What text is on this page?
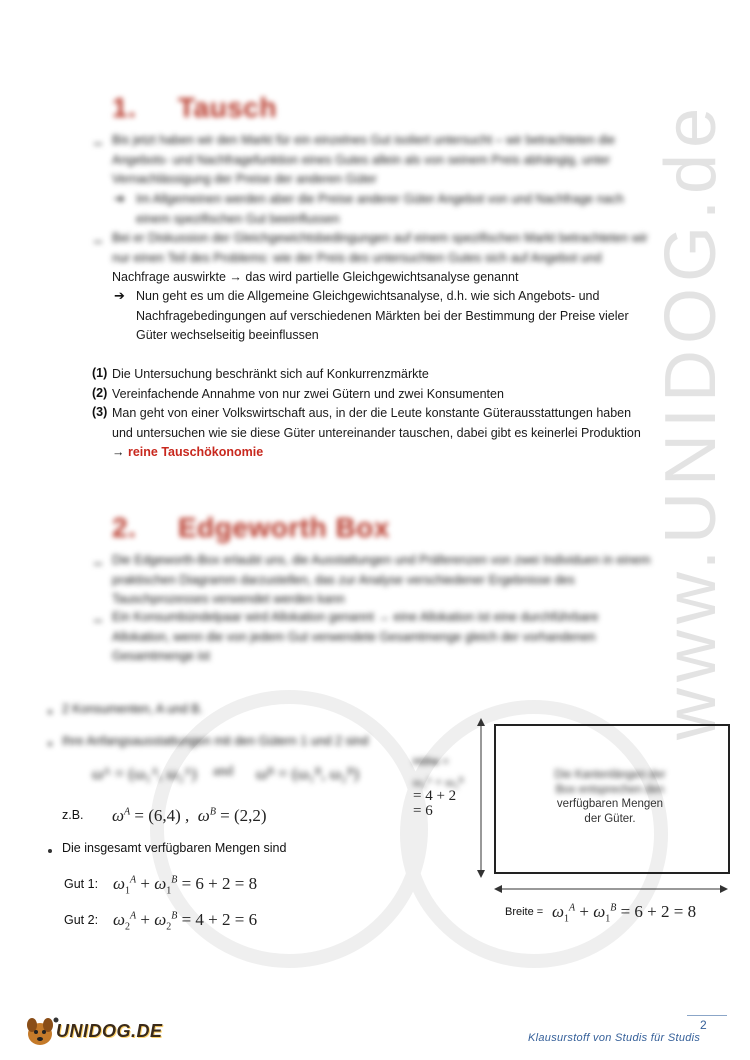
www.UNIDOG.de
1. Tausch
Bis jetzt haben wir den Markt für ein einzelnes Gut isoliert untersucht – wir betrachteten die
Angebots- und Nachfragefunktion eines Gutes allein als von seinem Preis abhängig, unter
Vernachlässigung der Preise der anderen Güter
➔ Im Allgemeinen werden aber die Preise anderer Güter Angebot von und Nachfrage nach
einem spezifischen Gut beeinflussen
Bei er Diskussion der Gleichgewichtsbedingungen auf einem spezifischen Markt betrachteten wir
nur einen Teil des Problems: wie der Preis des untersuchten Gutes sich auf Angebot und
Nachfrage auswirkte → das wird partielle Gleichgewichtsanalyse genannt
➔ Nun geht es um die Allgemeine Gleichgewichtsanalyse, d.h. wie sich Angebots- und
Nachfragebedingungen auf verschiedenen Märkten bei der Bestimmung der Preise vieler
Güter wechselseitig beeinflussen
(1) Die Untersuchung beschränkt sich auf Konkurrenzmärkte
(2) Vereinfachende Annahme von nur zwei Gütern und zwei Konsumenten
(3) Man geht von einer Volkswirtschaft aus, in der die Leute konstante Güterausstattungen haben
und untersuchen wie sie diese Güter untereinander tauschen, dabei gibt es keinerlei Produktion
→ reine Tauschökonomie
2. Edgeworth Box
Die Edgeworth-Box erlaubt uns, die Ausstattungen und Präferenzen von zwei Individuen in einem
praktischen Diagramm darzustellen, das zur Analyse verschiedener Ergebnisse des
Tauschprozesses verwendet werden kann
Ein Konsumbündelpaar wird Allokation genannt → eine Allokation ist eine durchführbare
Allokation, wenn die von jedem Gut verwendete Gesamtmenge gleich der vorhandenen
Gesamtmenge ist
2 Konsumenten, A und B.
Ihre Anfangsausstattungen mit den Gütern 1 und 2 sind
ωᴬ = (ω₁ᴬ, ω₂ᴬ) and ωᴮ = (ω₁ᴮ, ω₂ᴮ)
z.B. $\omega^A = (6,4)$ , $\omega^B = (2,2)$
Die insgesamt verfügbaren Mengen sind
Gut 1: $\omega_1^A + \omega_1^B = 6 + 2 = 8$
Gut 2: $\omega_2^A + \omega_2^B = 4 + 2 = 6$
Höhe =
ω₂ᴬ + ω₂ᴮ
= 4 + 2
= 6
Die Kantenlängen der
Box entsprechen den
verfügbaren Mengen
der Güter.
Breite = $\omega_1^A + \omega_1^B = 6 + 2 = 8$
UNIDOG.DE	2
Klausurstoff von Studis für Studis
